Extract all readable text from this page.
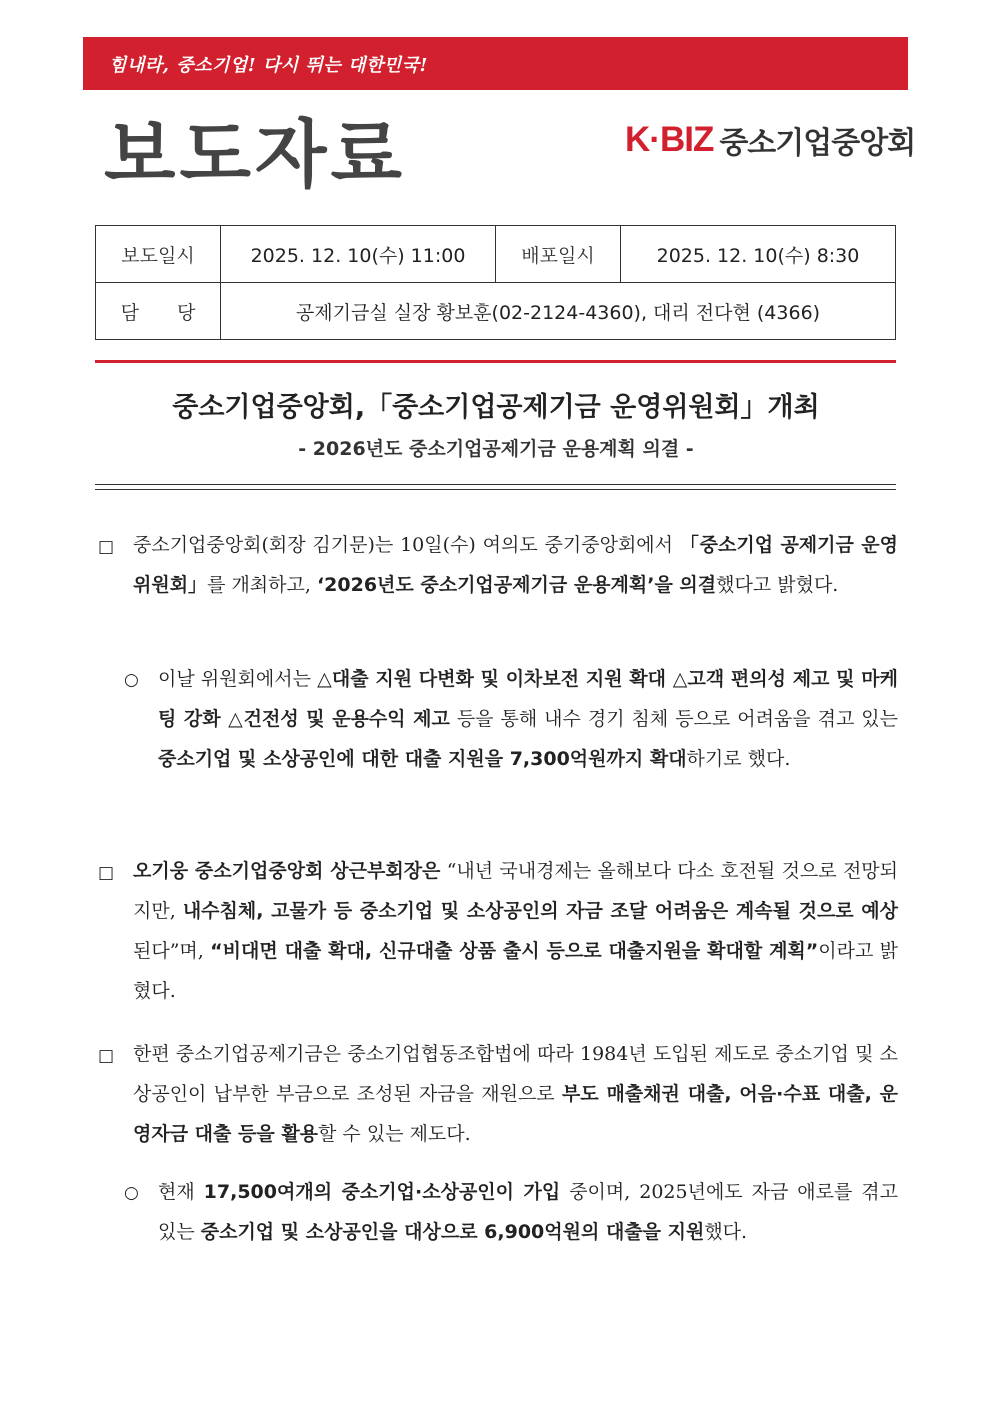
힘내라, 중소기업! 다시 뛰는 대한민국!
보도자료	K·BIZ 중소기업중앙회
보도일시	2025. 12. 10(수) 11:00	배포일시	2025. 12. 10(수) 8:30
담　　당	공제기금실 실장 황보훈(02-2124-4360), 대리 전다현 (4366)		
중소기업중앙회,「중소기업공제기금 운영위원회」개최
- 2026년도 중소기업공제기금 운용계획 의결 -
□ 중소기업중앙회(회장 김기문)는 10일(수) 여의도 중기중앙회에서 「중소기업 공제기금 운영위원회」를 개최하고, ‘2026년도 중소기업공제기금 운용계획’을 의결했다고 밝혔다.
○ 이날 위원회에서는 △대출 지원 다변화 및 이차보전 지원 확대 △고객 편의성 제고 및 마케팅 강화 △건전성 및 운용수익 제고 등을 통해 내수 경기 침체 등으로 어려움을 겪고 있는 중소기업 및 소상공인에 대한 대출 지원을 7,300억원까지 확대하기로 했다.
□ 오기웅 중소기업중앙회 상근부회장은 “내년 국내경제는 올해보다 다소 호전될 것으로 전망되지만, 내수침체, 고물가 등 중소기업 및 소상공인의 자금 조달 어려움은 계속될 것으로 예상된다”며, “비대면 대출 확대, 신규대출 상품 출시 등으로 대출지원을 확대할 계획”이라고 밝혔다.
□ 한편 중소기업공제기금은 중소기업협동조합법에 따라 1984년 도입된 제도로 중소기업 및 소상공인이 납부한 부금으로 조성된 자금을 재원으로 부도 매출채권 대출, 어음·수표 대출, 운영자금 대출 등을 활용할 수 있는 제도다.
○ 현재 17,500여개의 중소기업·소상공인이 가입 중이며, 2025년에도 자금 애로를 겪고 있는 중소기업 및 소상공인을 대상으로 6,900억원의 대출을 지원했다.
